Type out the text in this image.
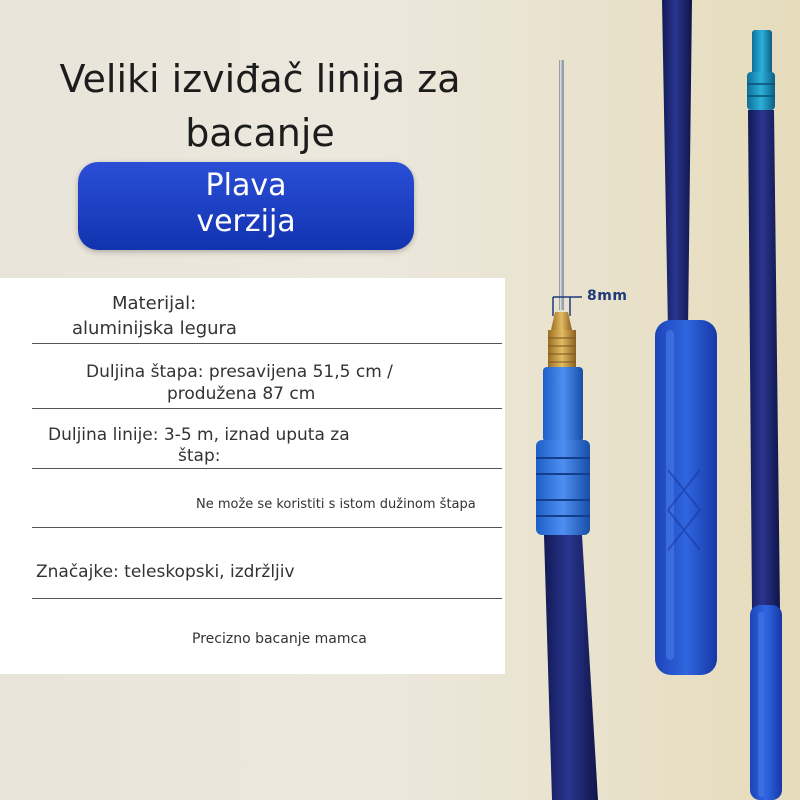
8mm
Veliki izviđač linija za bacanje
Plava
verzija
Materijal:
aluminijska legura
Duljina štapa: presavijena 51,5 cm /
produžena 87 cm
Duljina linije: 3-5 m, iznad uputa za
štap:
Ne može se koristiti s istom dužinom štapa
Značajke: teleskopski, izdržljiv
Precizno bacanje mamca
